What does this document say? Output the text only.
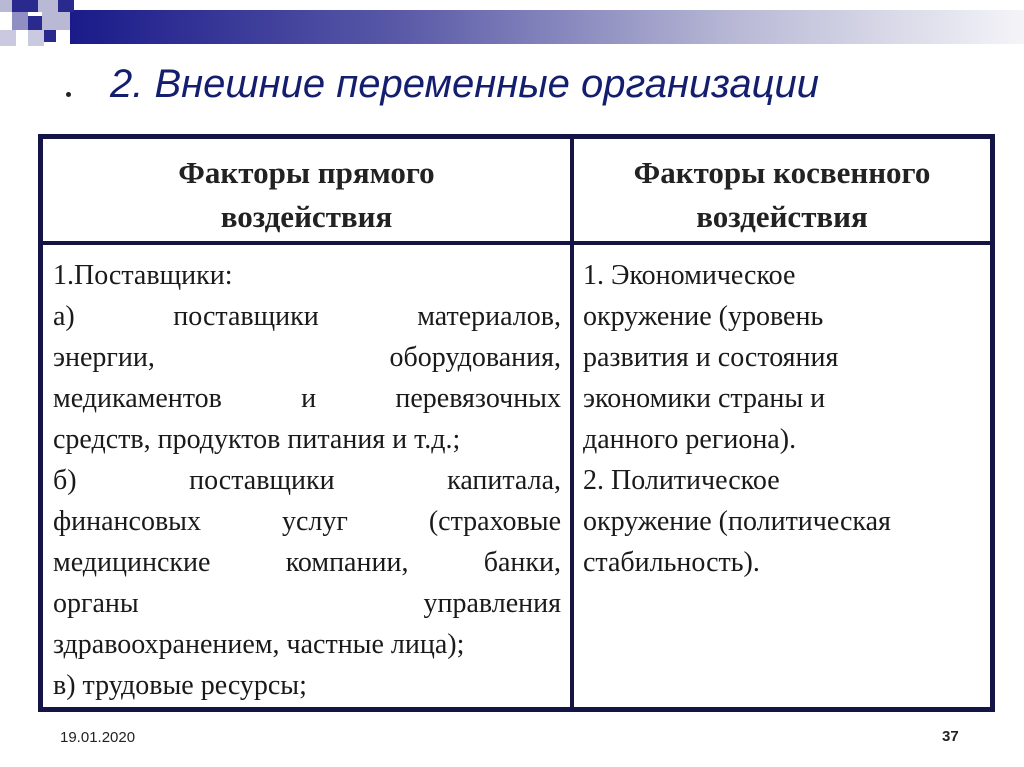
2. Внешние переменные организации
Факторы прямого
воздействия
Факторы косвенного
воздействия
1.Поставщики:
а) поставщики материалов,
энергии, оборудования,
медикаментов и перевязочных
средств, продуктов питания и т.д.;
б) поставщики капитала,
финансовых услуг (страховые
медицинские компании, банки,
органы управления
здравоохранением, частные лица);
в) трудовые ресурсы;
1. Экономическое
окружение (уровень
развития и состояния
экономики страны и
данного региона).
2. Политическое
окружение (политическая
стабильность).
19.01.2020	37
